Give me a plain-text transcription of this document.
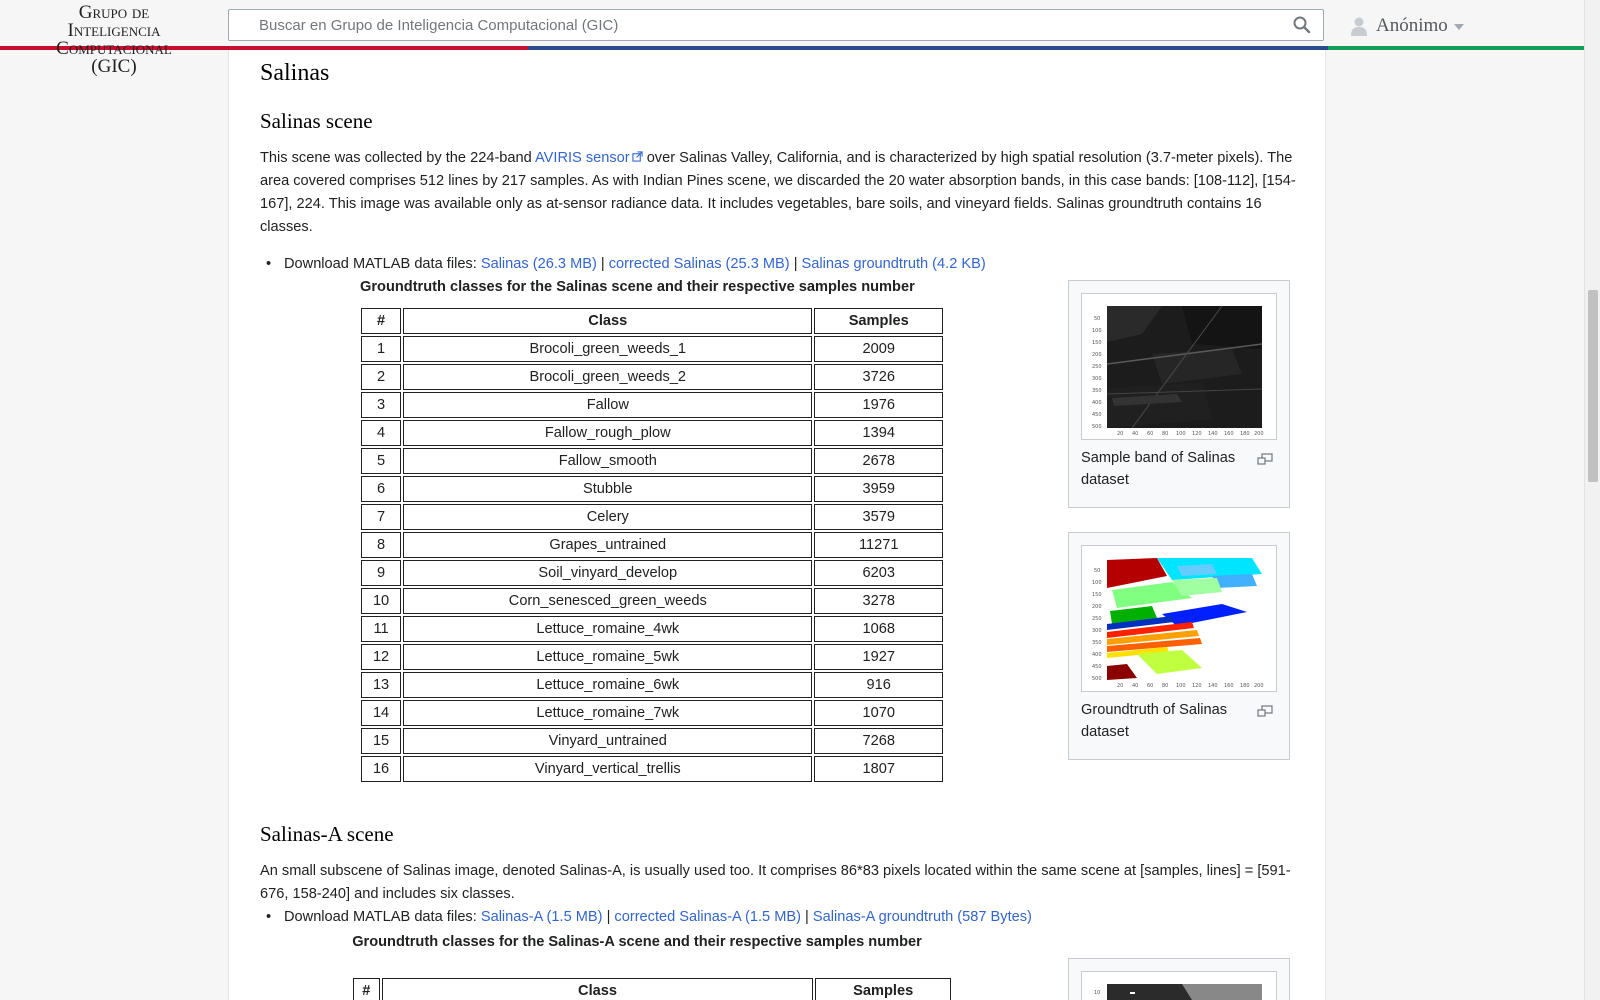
Grupo de
Inteligencia
Computacional
(GIC)
Buscar en Grupo de Inteligencia Computacional (GIC)
Anónimo
Salinas
Salinas scene

This scene was collected by the 224-band AVIRIS sensor over Salinas Valley, California, and is characterized by high spatial resolution (3.7-meter pixels). The area covered comprises 512 lines by 217 samples. As with Indian Pines scene, we discarded the 20 water absorption bands, in this case bands: [108-112], [154-167], 224. This image was available only as at-sensor radiance data. It includes vegetables, bare soils, and vineyard fields. Salinas groundtruth contains 16 classes.

• Download MATLAB data files: Salinas (26.3 MB) | corrected Salinas (25.3 MB) | Salinas groundtruth (4.2 KB)
Groundtruth classes for the Salinas scene and their respective samples number
#	Class	Samples
1	Brocoli_green_weeds_1	2009
2	Brocoli_green_weeds_2	3726
3	Fallow	1976
4	Fallow_rough_plow	1394
5	Fallow_smooth	2678
6	Stubble	3959
7	Celery	3579
8	Grapes_untrained	11271
9	Soil_vinyard_develop	6203
10	Corn_senesced_green_weeds	3278
11	Lettuce_romaine_4wk	1068
12	Lettuce_romaine_5wk	1927
13	Lettuce_romaine_6wk	916
14	Lettuce_romaine_7wk	1070
15	Vinyard_untrained	7268
16	Vinyard_vertical_trellis	1807
50
100
150
200
250
300
350
400
450
500
20 40 60 80 100 120 140 160 180 200
Sample band of Salinas dataset
50
100
150
200
250
300
350
400
450
500
20 40 60 80 100 120 140 160 180 200
Groundtruth of Salinas dataset
Salinas-A scene

An small subscene of Salinas image, denoted Salinas-A, is usually used too. It comprises 86*83 pixels located within the same scene at [samples, lines] = [591-676, 158-240] and includes six classes.

• Download MATLAB data files: Salinas-A (1.5 MB) | corrected Salinas-A (1.5 MB) | Salinas-A groundtruth (587 Bytes)
Groundtruth classes for the Salinas-A scene and their respective samples number
#	Class	Samples	10
